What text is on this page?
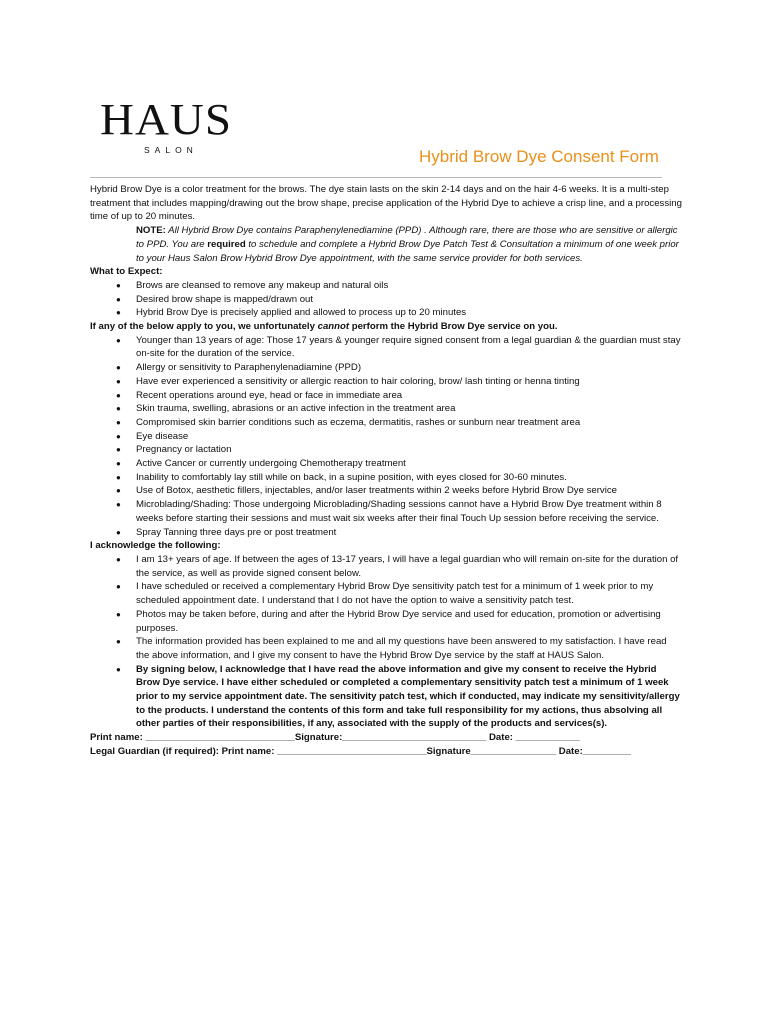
HAUS
SALON	Hybrid Brow Dye Consent Form

Hybrid Brow Dye is a color treatment for the brows. The dye stain lasts on the skin 2-14 days and on the hair 4-6 weeks. It is a multi-step treatment that includes mapping/drawing out the brow shape, precise application of the Hybrid Dye to achieve a crisp line, and a processing time of up to 20 minutes.

NOTE: All Hybrid Brow Dye contains Paraphenylenediamine (PPD) . Although rare, there are those who are sensitive or allergic to PPD. You are required to schedule and complete a Hybrid Brow Dye Patch Test & Consultation a minimum of one week prior to your Haus Salon Brow Hybrid Brow Dye appointment, with the same service provider for both services.

What to Expect:

● Brows are cleansed to remove any makeup and natural oils
● Desired brow shape is mapped/drawn out
● Hybrid Brow Dye is precisely applied and allowed to process up to 20 minutes

If any of the below apply to you, we unfortunately cannot perform the Hybrid Brow Dye service on you.

● Younger than 13 years of age: Those 17 years & younger require signed consent from a legal guardian & the guardian must stay on-site for the duration of the service.
● Allergy or sensitivity to Paraphenylenadiamine (PPD)
● Have ever experienced a sensitivity or allergic reaction to hair coloring, brow/ lash tinting or henna tinting
● Recent operations around eye, head or face in immediate area
● Skin trauma, swelling, abrasions or an active infection in the treatment area
● Compromised skin barrier conditions such as eczema, dermatitis, rashes or sunburn near treatment area
● Eye disease
● Pregnancy or lactation
● Active Cancer or currently undergoing Chemotherapy treatment
● Inability to comfortably lay still while on back, in a supine position, with eyes closed for 30-60 minutes.
● Use of Botox, aesthetic fillers, injectables, and/or laser treatments within 2 weeks before Hybrid Brow Dye service
● Microblading/Shading: Those undergoing Microblading/Shading sessions cannot have a Hybrid Brow Dye treatment within 8 weeks before starting their sessions and must wait six weeks after their final Touch Up session before receiving the service.
● Spray Tanning three days pre or post treatment

I acknowledge the following:

● I am 13+ years of age. If between the ages of 13-17 years, I will have a legal guardian who will remain on-site for the duration of the service, as well as provide signed consent below.
● I have scheduled or received a complementary Hybrid Brow Dye sensitivity patch test for a minimum of 1 week prior to my scheduled appointment date. I understand that I do not have the option to waive a sensitivity patch test.
● Photos may be taken before, during and after the Hybrid Brow Dye service and used for education, promotion or advertising purposes.
● The information provided has been explained to me and all my questions have been answered to my satisfaction. I have read the above information, and I give my consent to have the Hybrid Brow Dye service by the staff at HAUS Salon.
● By signing below, I acknowledge that I have read the above information and give my consent to receive the Hybrid Brow Dye service. I have either scheduled or completed a complementary sensitivity patch test a minimum of 1 week prior to my service appointment date. The sensitivity patch test, which if conducted, may indicate my sensitivity/allergy to the products. I understand the contents of this form and take full responsibility for my actions, thus absolving all other parties of their responsibilities, if any, associated with the supply of the products and services(s).

Print name: ____________________________Signature:___________________________ Date: ____________

Legal Guardian (if required): Print name: ____________________________Signature________________ Date:_________
